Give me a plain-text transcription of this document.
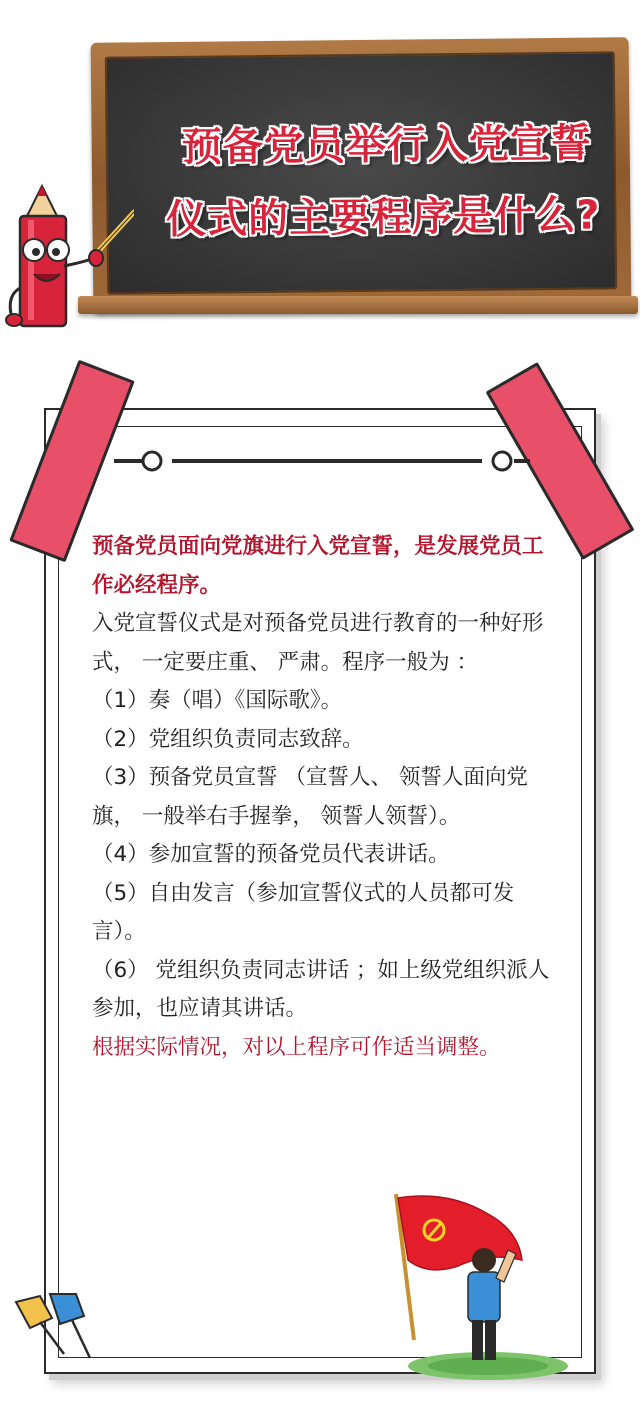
预备党员举行入党宣誓
仪式的主要程序是什么?

预备党员面向党旗进行入党宣誓，是发展党员工作必经程序。

入党宣誓仪式是对预备党员进行教育的一种好形式， 一定要庄重、 严肃。程序一般为 ：

（1）奏（唱）《国际歌》。

（2）党组织负责同志致辞。

（3）预备党员宣誓 （宣誓人、 领誓人面向党旗， 一般举右手握拳， 领誓人领誓）。

（4）参加宣誓的预备党员代表讲话。

（5）自由发言（参加宣誓仪式的人员都可发言）。

（6） 党组织负责同志讲话 ；如上级党组织派人参加，也应请其讲话。

根据实际情况，对以上程序可作适当调整。
